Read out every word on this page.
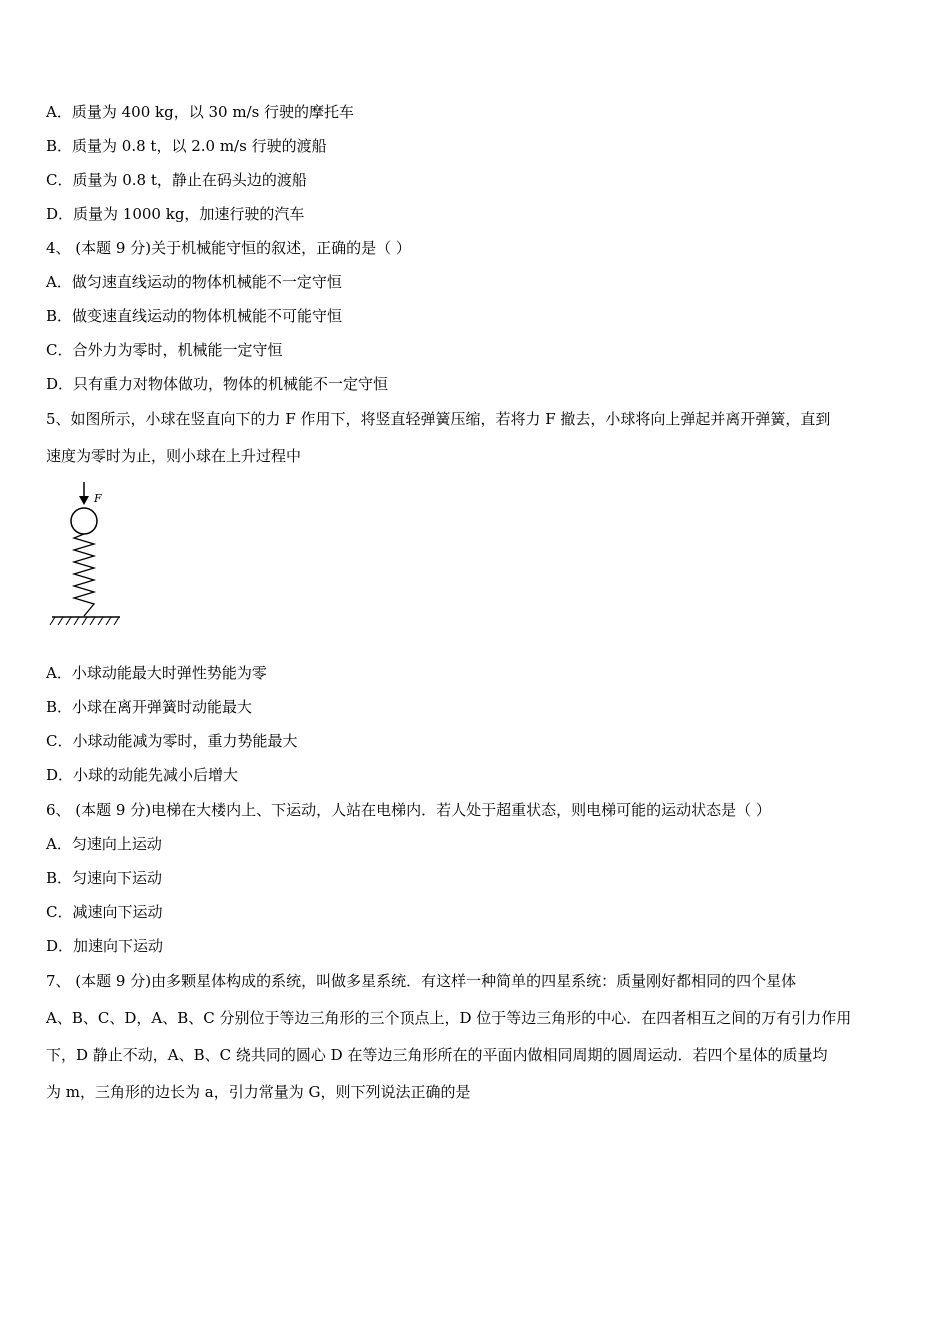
A．质量为 400 kg，以 30 m/s 行驶的摩托车
B．质量为 0.8 t，以 2.0 m/s 行驶的渡船
C．质量为 0.8 t，静止在码头边的渡船
D．质量为 1000 kg，加速行驶的汽车
4、 (本题 9 分)关于机械能守恒的叙述，正确的是（ ）
A．做匀速直线运动的物体机械能不一定守恒
B．做变速直线运动的物体机械能不可能守恒
C．合外力为零时，机械能一定守恒
D．只有重力对物体做功，物体的机械能不一定守恒
5、如图所示，小球在竖直向下的力 F 作用下，将竖直轻弹簧压缩，若将力 F 撤去，小球将向上弹起并离开弹簧，直到
速度为零时为止，则小球在上升过程中
F
A．小球动能最大时弹性势能为零
B．小球在离开弹簧时动能最大
C．小球动能减为零时，重力势能最大
D．小球的动能先减小后增大
6、 (本题 9 分)电梯在大楼内上、下运动，人站在电梯内．若人处于超重状态，则电梯可能的运动状态是（ ）
A．匀速向上运动
B．匀速向下运动
C．减速向下运动
D．加速向下运动
7、 (本题 9 分)由多颗星体构成的系统，叫做多星系统．有这样一种简单的四星系统：质量刚好都相同的四个星体
A、B、C、D，A、B、C 分别位于等边三角形的三个顶点上，D 位于等边三角形的中心．在四者相互之间的万有引力作用
下，D 静止不动，A、B、C 绕共同的圆心 D 在等边三角形所在的平面内做相同周期的圆周运动．若四个星体的质量均
为 m，三角形的边长为 a，引力常量为 G，则下列说法正确的是
